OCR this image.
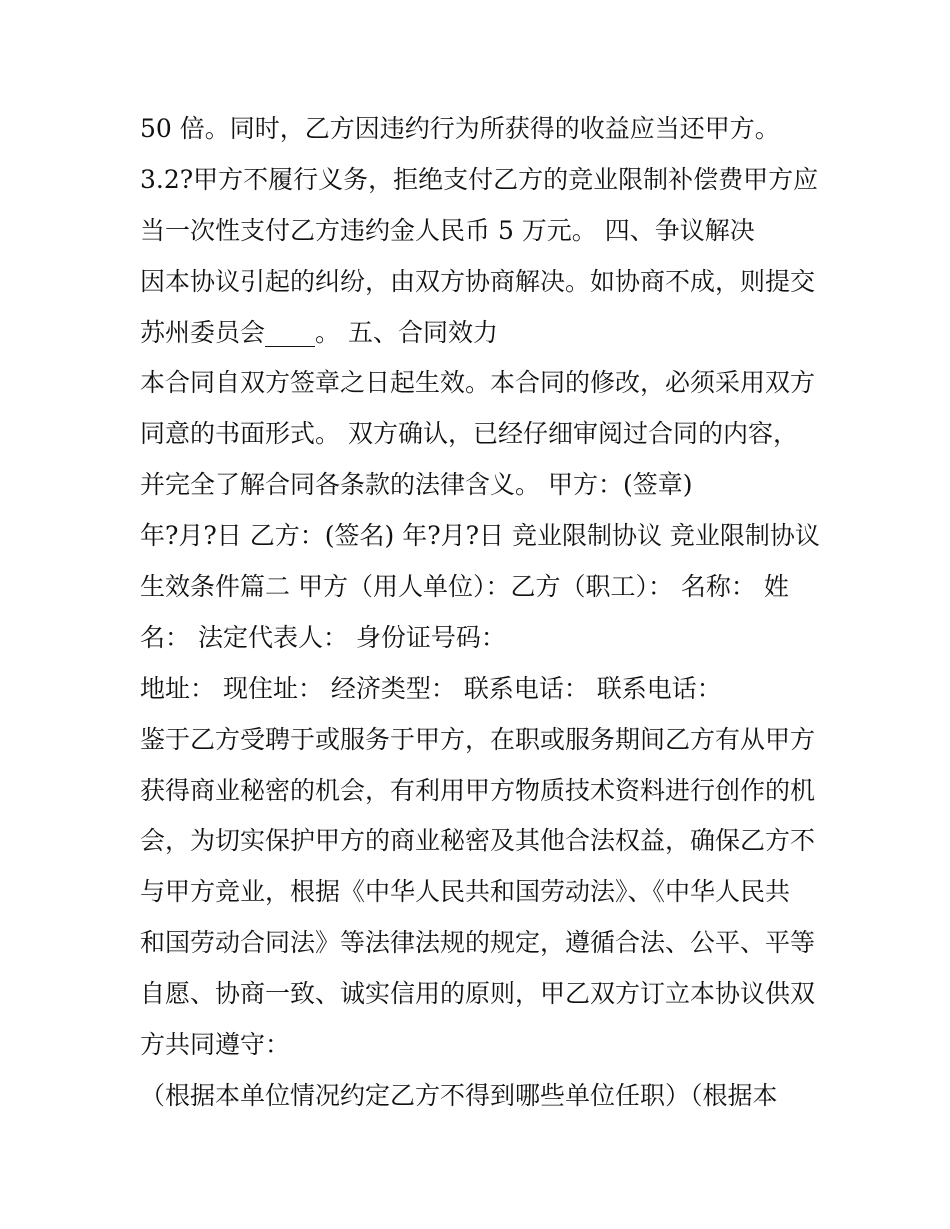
50 倍。同时，乙方因违约行为所获得的收益应当还甲方。
3.2?甲方不履行义务，拒绝支付乙方的竞业限制补偿费甲方应
当一次性支付乙方违约金人民币 5 万元。 四、争议解决
因本协议引起的纠纷，由双方协商解决。如协商不成，则提交
苏州委员会____。 五、合同效力
本合同自双方签章之日起生效。本合同的修改，必须采用双方
同意的书面形式。 双方确认，已经仔细审阅过合同的内容，
并完全了解合同各条款的法律含义。 甲方：(签章)
年?月?日 乙方：(签名) 年?月?日 竞业限制协议 竞业限制协议
生效条件篇二 甲方（用人单位）：乙方（职工）： 名称： 姓
名： 法定代表人： 身份证号码：
地址： 现住址： 经济类型： 联系电话： 联系电话：
鉴于乙方受聘于或服务于甲方，在职或服务期间乙方有从甲方
获得商业秘密的机会，有利用甲方物质技术资料进行创作的机
会，为切实保护甲方的商业秘密及其他合法权益，确保乙方不
与甲方竞业，根据《中华人民共和国劳动法》、《中华人民共
和国劳动合同法》等法律法规的规定，遵循合法、公平、平等
自愿、协商一致、诚实信用的原则，甲乙双方订立本协议供双
方共同遵守：
（根据本单位情况约定乙方不得到哪些单位任职）（根据本
